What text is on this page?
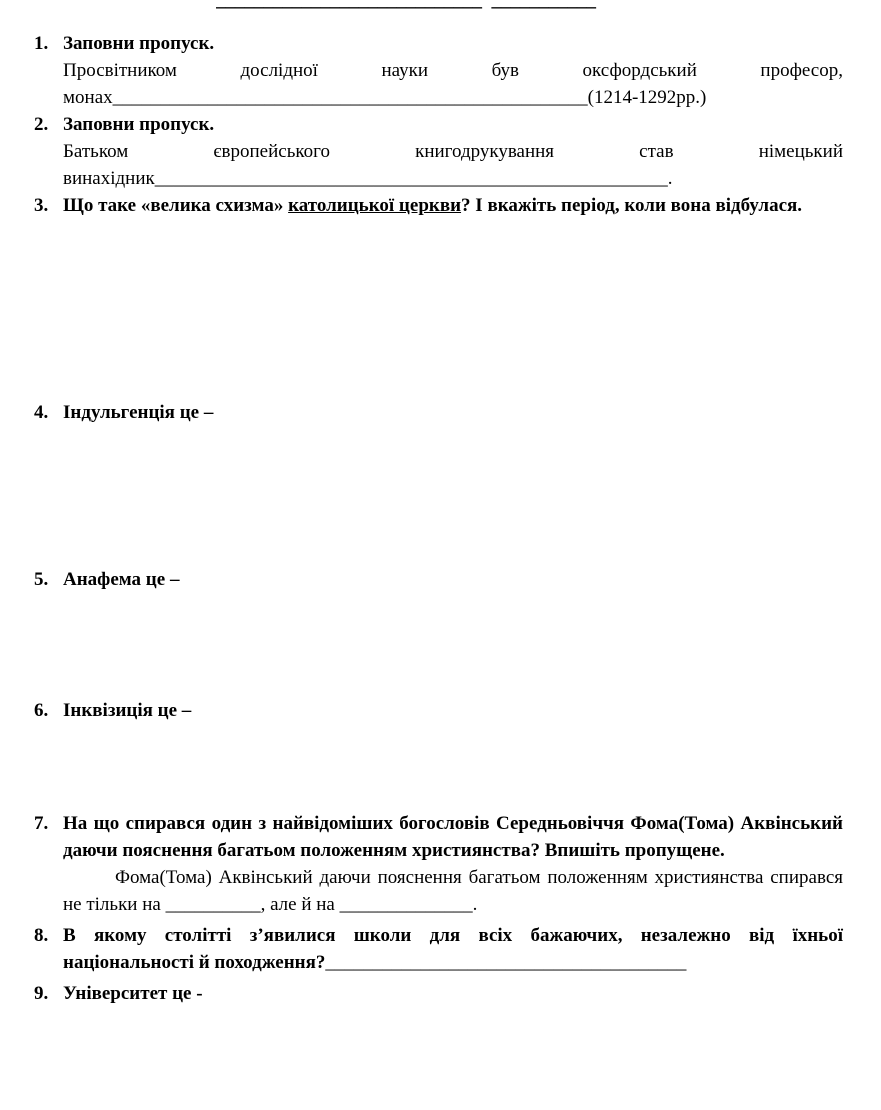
____________________________  ___________
1. Заповни пропуск.
Просвітником дослідної науки був оксфордський професор,
монах__________________________________________________(1214-1292рр.)
2. Заповни пропуск.
Батьком європейського книгодрукування став німецький
винахідник______________________________________________________.
3. Що таке «велика схизма» католицької церкви? І вкажіть період, коли вона відбулася.
4. Індульгенція це –
5. Анафема це –
6. Інквізиція це –
7. На що спирався один з найвідоміших богословів Середньовіччя Фома(Тома) Аквінський даючи пояснення багатьом положенням християнства? Впишіть пропущене.

Фома(Тома) Аквінський даючи пояснення багатьом положенням християнства спирався не тільки на __________, але й на ______________.

8. В якому столітті з’явилися школи для всіх бажаючих, незалежно від їхньої національності й походження?______________________________________
9. Університет це -
